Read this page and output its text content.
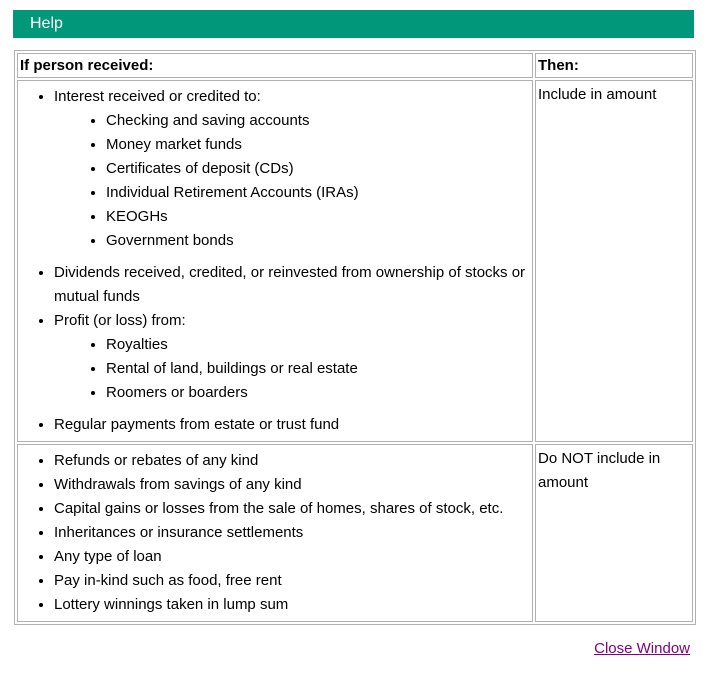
Help
If person received:	Then:

• Interest received or credited to:
• Checking and saving accounts
• Money market funds
• Certificates of deposit (CDs)
• Individual Retirement Accounts (IRAs)
• KEOGHs
• Government bonds
• Dividends received, credited, or reinvested from ownership of stocks or mutual funds
• Profit (or loss) from:
• Royalties
• Rental of land, buildings or real estate
• Roomers or boarders
• Regular payments from estate or trust fund
	Include in amount

• Refunds or rebates of any kind
• Withdrawals from savings of any kind
• Capital gains or losses from the sale of homes, shares of stock, etc.
• Inheritances or insurance settlements
• Any type of loan
• Pay in-kind such as food, free rent
• Lottery winnings taken in lump sum
	Do NOT include in amount
Close Window
